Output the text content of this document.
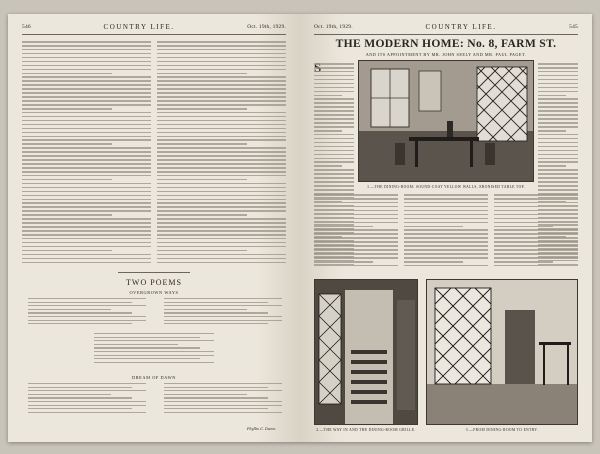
546	COUNTRY LIFE.	Oct. 19th, 1929.
TWO POEMS
OVERGROWN WAYS
DREAM OF DAWN
Phyllis C. Dunn.
Oct. 19th, 1929.	COUNTRY LIFE.	545
THE MODERN HOME: No. 8, FARM ST.
AND ITS APPOINTMENT BY MR. JOHN SEELY AND MR. PAUL PAGET.
1.—THE DINING-ROOM: SOUND-COAT YELLOW WALLS, EBONISED TABLE TOP.
2.—THE WAY IN AND THE DINING-ROOM GRILLE.	3.—FROM DINING-ROOM TO ENTRY.
